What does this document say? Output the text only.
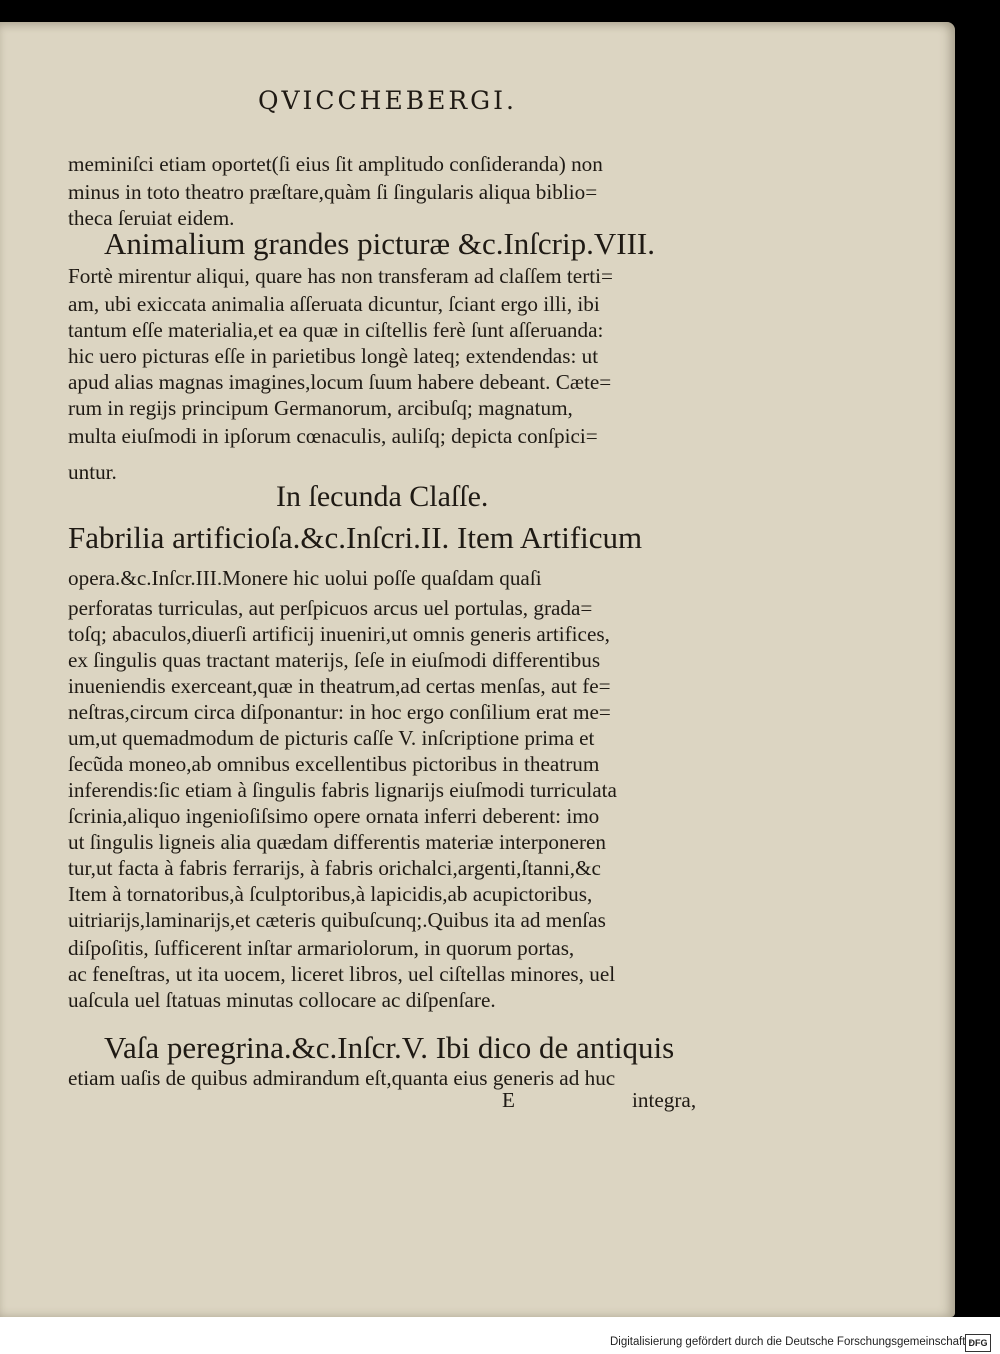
QVICCHEBERGI.
meminiſci etiam oportet(ſi eius ſit amplitudo conſideranda) non
minus in toto theatro præſtare,quàm ſi ſingularis aliqua biblio=
theca ſeruiat eidem.
Animalium grandes picturæ &c.Inſcrip.VIII.
Fortè mirentur aliqui, quare has non transferam ad claſſem terti=
am, ubi exiccata animalia aſſeruata dicuntur, ſciant ergo illi, ibi
tantum eſſe materialia,et ea quæ in ciſtellis ferè ſunt aſſeruanda:
hic uero picturas eſſe in parietibus longè lateq; extendendas: ut
apud alias magnas imagines,locum ſuum habere debeant. Cæte=
rum in regijs principum Germanorum, arcibuſq; magnatum,
multa eiuſmodi in ipſorum cœnaculis, auliſq; depicta conſpici=
untur.
In ſecunda Claſſe.
Fabrilia artificioſa.&c.Inſcri.II. Item Artificum
opera.&c.Inſcr.III.Monere hic uolui poſſe quaſdam quaſi
perforatas turriculas, aut perſpicuos arcus uel portulas, grada=
toſq; abaculos,diuerſi artificij inueniri,ut omnis generis artifices,
ex ſingulis quas tractant materijs, ſeſe in eiuſmodi differentibus
inueniendis exerceant,quæ in theatrum,ad certas menſas, aut fe=
neſtras,circum circa diſponantur: in hoc ergo conſilium erat me=
um,ut quemadmodum de picturis caſſe V. inſcriptione prima et
ſecũda moneo,ab omnibus excellentibus pictoribus in theatrum
inferendis:ſic etiam à ſingulis fabris lignarijs eiuſmodi turriculata
ſcrinia,aliquo ingenioſiſsimo opere ornata inferri deberent: imo
ut ſingulis ligneis alia quædam differentis materiæ interponeren
tur,ut facta à fabris ferrarijs, à fabris orichalci,argenti,ſtanni,&c
Item à tornatoribus,à ſculptoribus,à lapicidis,ab acupictoribus,
uitriarijs,laminarijs,et cæteris quibuſcunq;.Quibus ita ad menſas
diſpoſitis, ſufficerent inſtar armariolorum, in quorum portas,
ac feneſtras, ut ita uocem, liceret libros, uel ciſtellas minores, uel
uaſcula uel ſtatuas minutas collocare ac diſpenſare.
Vaſa peregrina.&c.Inſcr.V. Ibi dico de antiquis
etiam uaſis de quibus admirandum eſt,quanta eius generis ad huc
E	integra,
Digitalisierung gefördert durch die Deutsche Forschungsgemeinschaft -
DFG
